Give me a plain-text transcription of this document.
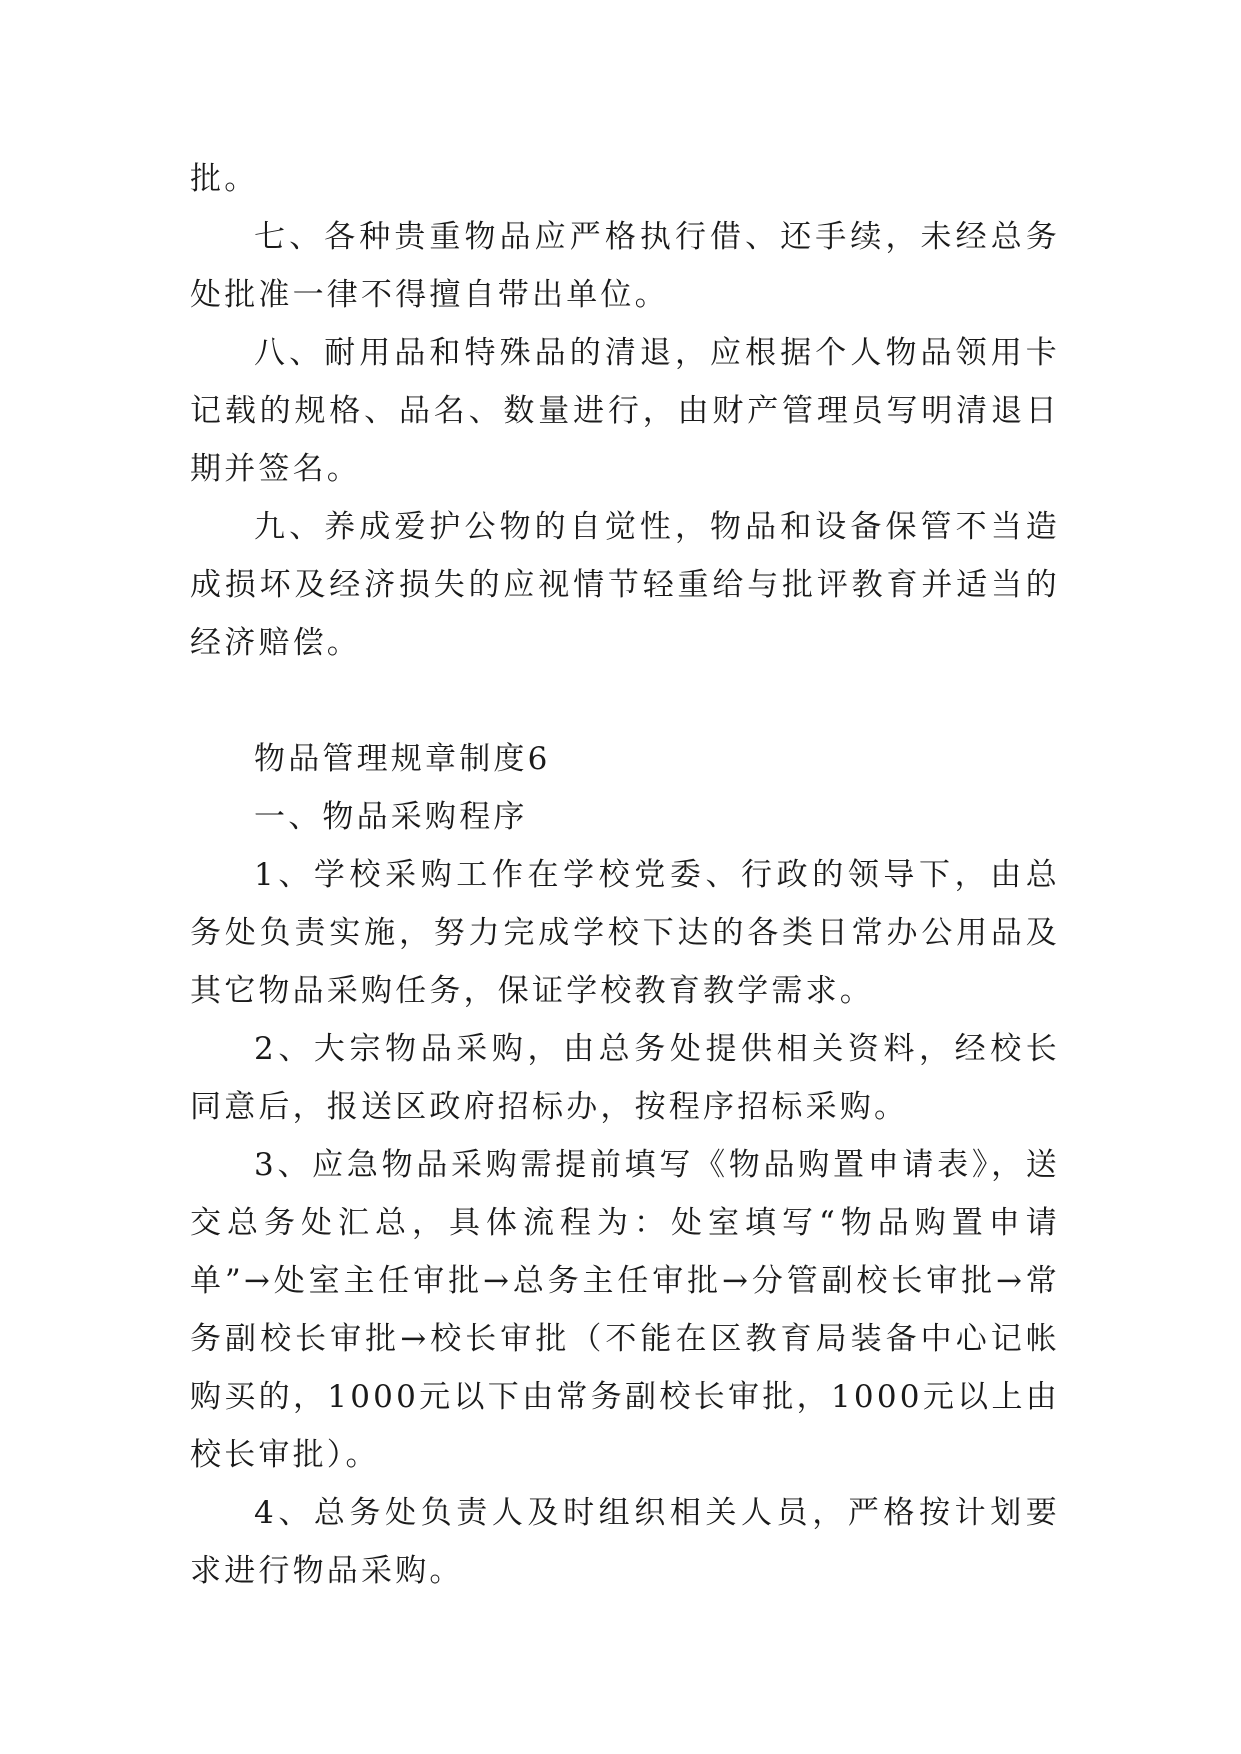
批。

七、各种贵重物品应严格执行借、还手续，未经总务处批准一律不得擅自带出单位。

八、耐用品和特殊品的清退，应根据个人物品领用卡记载的规格、品名、数量进行，由财产管理员写明清退日期并签名。

九、养成爱护公物的自觉性，物品和设备保管不当造成损坏及经济损失的应视情节轻重给与批评教育并适当的经济赔偿。

物品管理规章制度6

一、物品采购程序

1、学校采购工作在学校党委、行政的领导下，由总务处负责实施，努力完成学校下达的各类日常办公用品及其它物品采购任务，保证学校教育教学需求。

2、大宗物品采购，由总务处提供相关资料，经校长同意后，报送区政府招标办，按程序招标采购。

3、应急物品采购需提前填写《物品购置申请表》，送交总务处汇总，具体流程为：处室填写“物品购置申请单”→处室主任审批→总务主任审批→分管副校长审批→常务副校长审批→校长审批（不能在区教育局装备中心记帐购买的，1000元以下由常务副校长审批，1000元以上由校长审批）。

4、总务处负责人及时组织相关人员，严格按计划要求进行物品采购。
